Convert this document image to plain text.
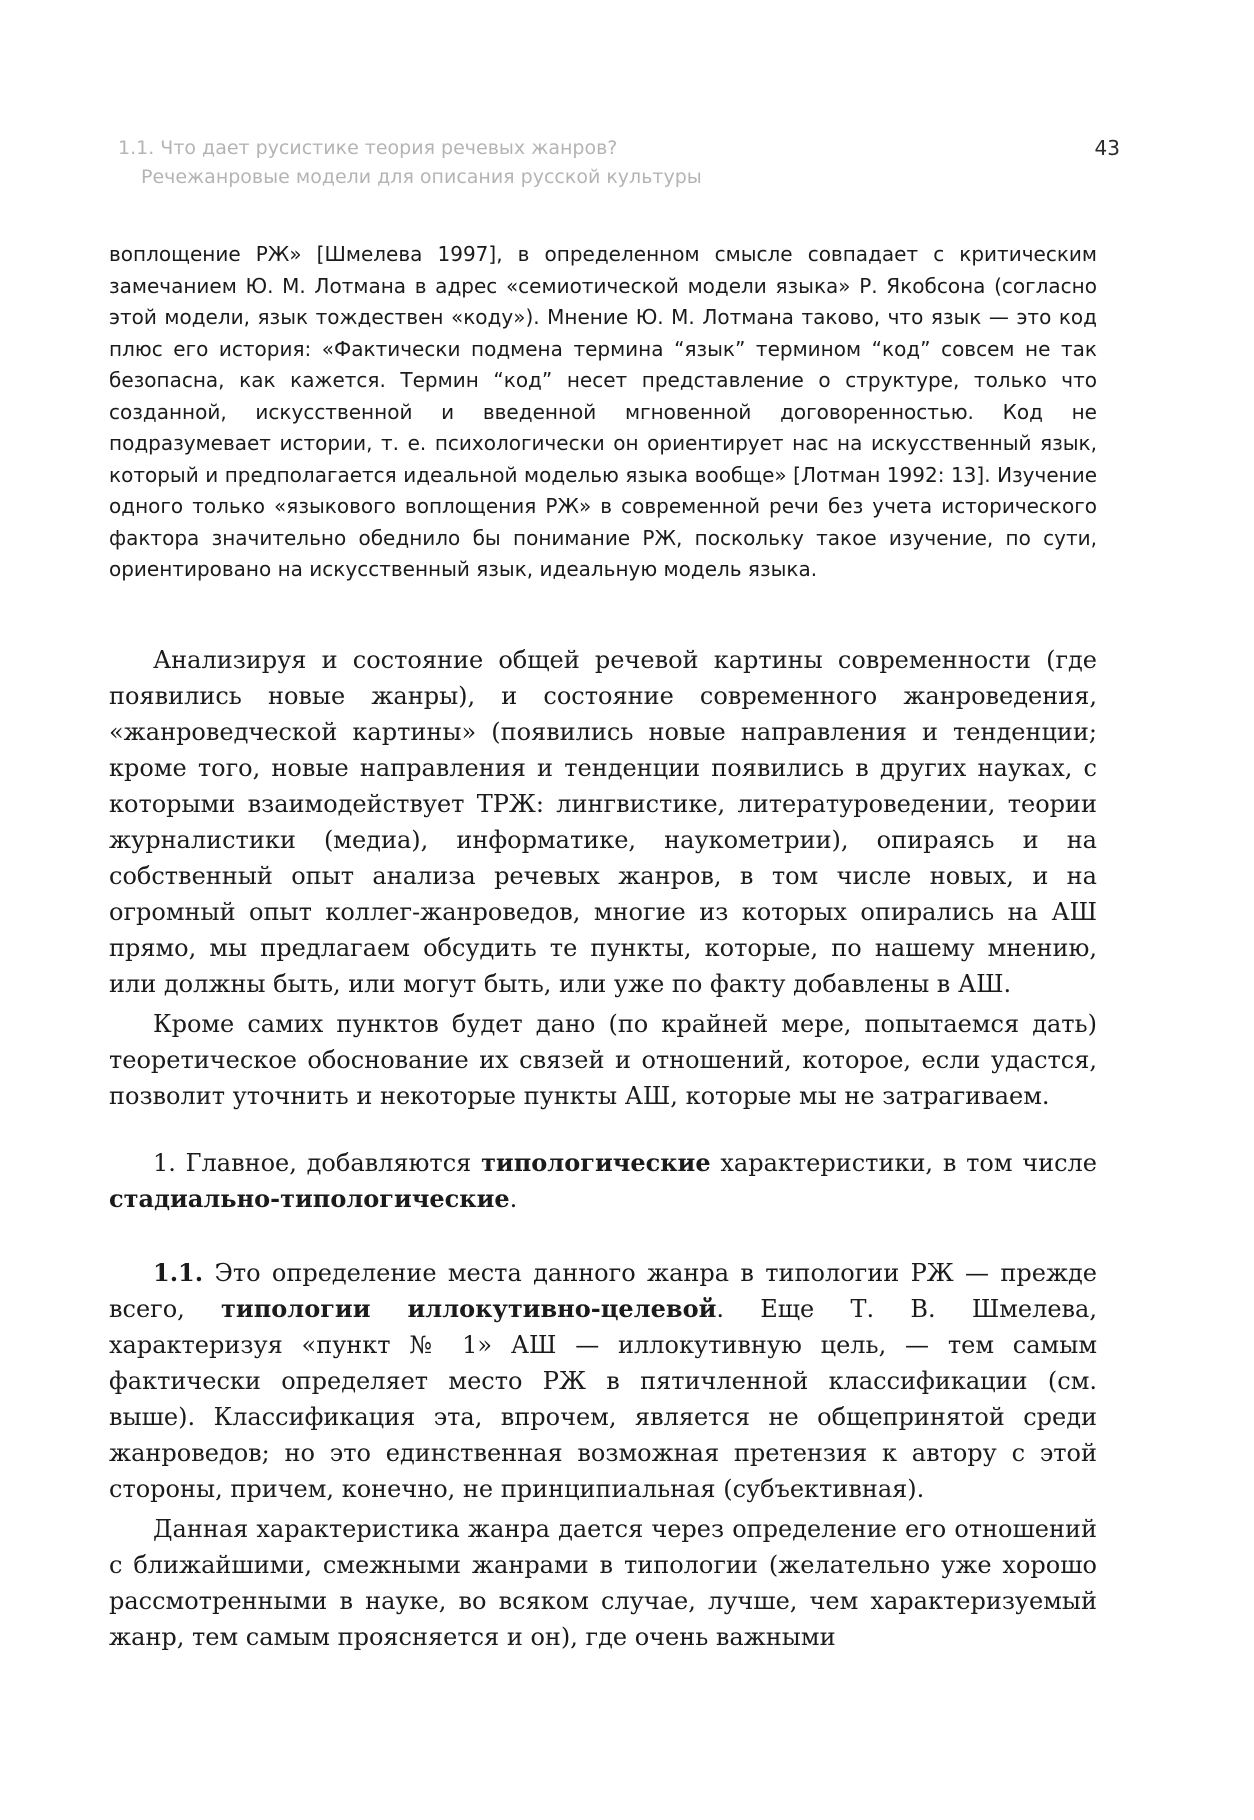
1.1. Что дает русистике теория речевых жанров?
Речежанровые модели для описания русской культуры
43

воплощение РЖ» [Шмелева 1997], в определенном смысле совпадает с критическим замечанием Ю. М. Лотмана в адрес «семиотической модели языка» Р. Якобсона (согласно этой модели, язык тождествен «коду»). Мнение Ю. М. Лотмана таково, что язык — это код плюс его история: «Фактически подмена термина “язык” термином “код” совсем не так безопасна, как кажется. Термин “код” несет представление о структуре, только что созданной, искусственной и введенной мгновенной договоренностью. Код не подразумевает истории, т. е. психологически он ориентирует нас на искусственный язык, который и предполагается идеальной моделью языка вообще» [Лотман 1992: 13]. Изучение одного только «языкового воплощения РЖ» в современной речи без учета исторического фактора значительно обеднило бы понимание РЖ, поскольку такое изучение, по сути, ориентировано на искусственный язык, идеальную модель языка.

Анализируя и состояние общей речевой картины современности (где появились новые жанры), и состояние современного жанроведения, «жанроведческой картины» (появились новые направления и тенденции; кроме того, новые направления и тенденции появились в других науках, с которыми взаимодействует ТРЖ: лингвистике, литературоведении, теории журналистики (медиа), информатике, наукометрии), опираясь и на собственный опыт анализа речевых жанров, в том числе новых, и на огромный опыт коллег-жанроведов, многие из которых опирались на АШ прямо, мы предлагаем обсудить те пункты, которые, по нашему мнению, или должны быть, или могут быть, или уже по факту добавлены в АШ.

Кроме самих пунктов будет дано (по крайней мере, попытаемся дать) теоретическое обоснование их связей и отношений, которое, если удастся, позволит уточнить и некоторые пункты АШ, которые мы не затрагиваем.

1. Главное, добавляются типологические характеристики, в том числе стадиально-типологические.

1.1. Это определение места данного жанра в типологии РЖ — прежде всего, типологии иллокутивно-целевой. Еще Т. В. Шмелева, характеризуя «пункт № 1» АШ — иллокутивную цель, — тем самым фактически определяет место РЖ в пятичленной классификации (см. выше). Классификация эта, впрочем, является не общепринятой среди жанроведов; но это единственная возможная претензия к автору с этой стороны, причем, конечно, не принципиальная (субъективная).

Данная характеристика жанра дается через определение его отношений с ближайшими, смежными жанрами в типологии (желательно уже хорошо рассмотренными в науке, во всяком случае, лучше, чем характеризуемый жанр, тем самым проясняется и он), где очень важными
